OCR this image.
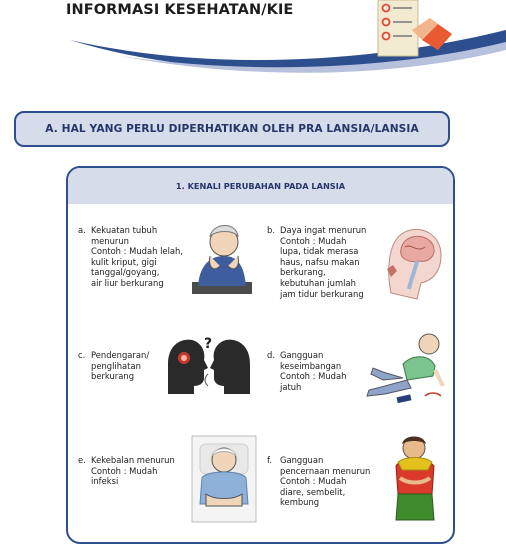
INFORMASI KESEHATAN/KIE
A. HAL YANG PERLU DIPERHATIKAN OLEH PRA LANSIA/LANSIA
1. KENALI PERUBAHAN PADA LANSIA
a. Kekuatan tubuh
menurun
Contoh : Mudah lelah,
kulit kriput, gigi
tanggal/goyang,
air liur berkurang
b. Daya ingat menurun
Contoh : Mudah
lupa, tidak merasa
haus, nafsu makan
berkurang,
kebutuhan jumlah
jam tidur berkurang
c. Pendengaran/
penglihatan
berkurang
?
d. Gangguan
keseimbangan
Contoh : Mudah
jatuh
e. Kekebalan menurun
Contoh : Mudah
infeksi
f. Gangguan
pencernaan menurun
Contoh : Mudah
diare, sembelit,
kembung
